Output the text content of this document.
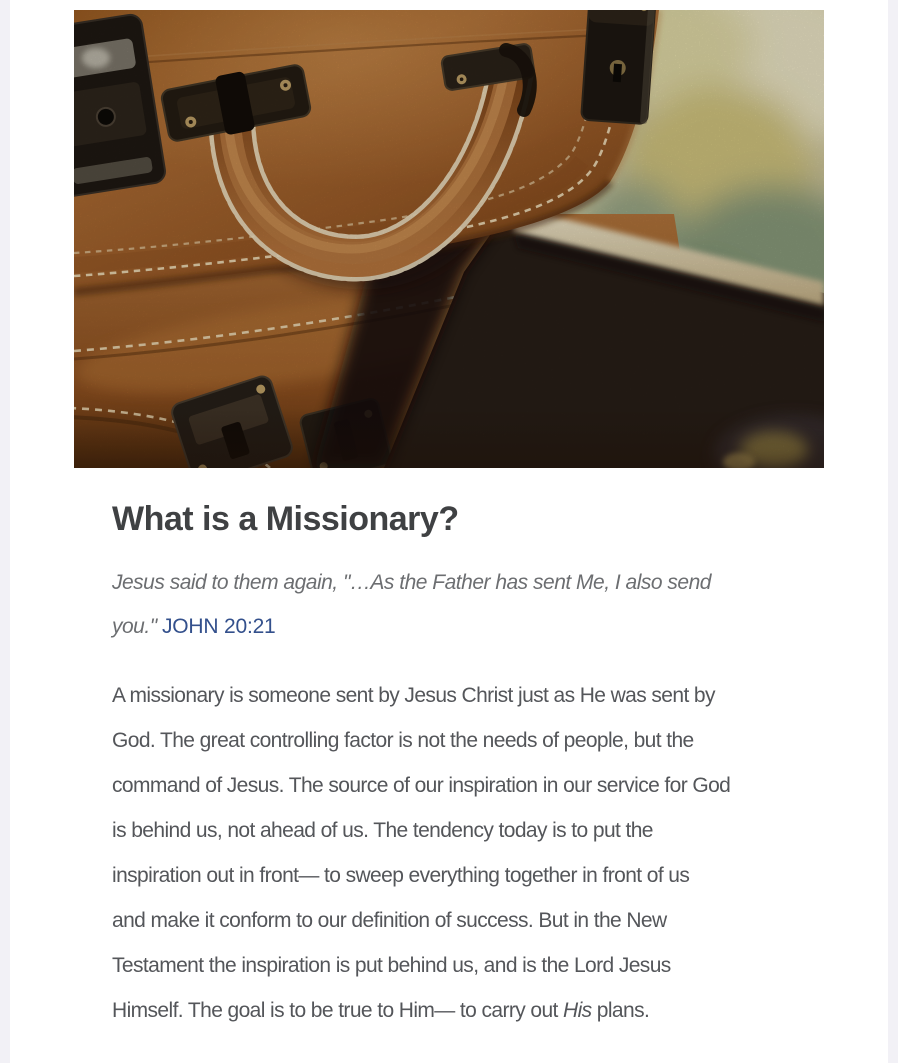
What is a Missionary?
Jesus said to them again, "…As the Father has sent Me, I also send
you." JOHN 20:21
A missionary is someone sent by Jesus Christ just as He was sent by
God. The great controlling factor is not the needs of people, but the
command of Jesus. The source of our inspiration in our service for God
is behind us, not ahead of us. The tendency today is to put the
inspiration out in front— to sweep everything together in front of us
and make it conform to our definition of success. But in the New
Testament the inspiration is put behind us, and is the Lord Jesus
Himself. The goal is to be true to Him— to carry out His plans.
